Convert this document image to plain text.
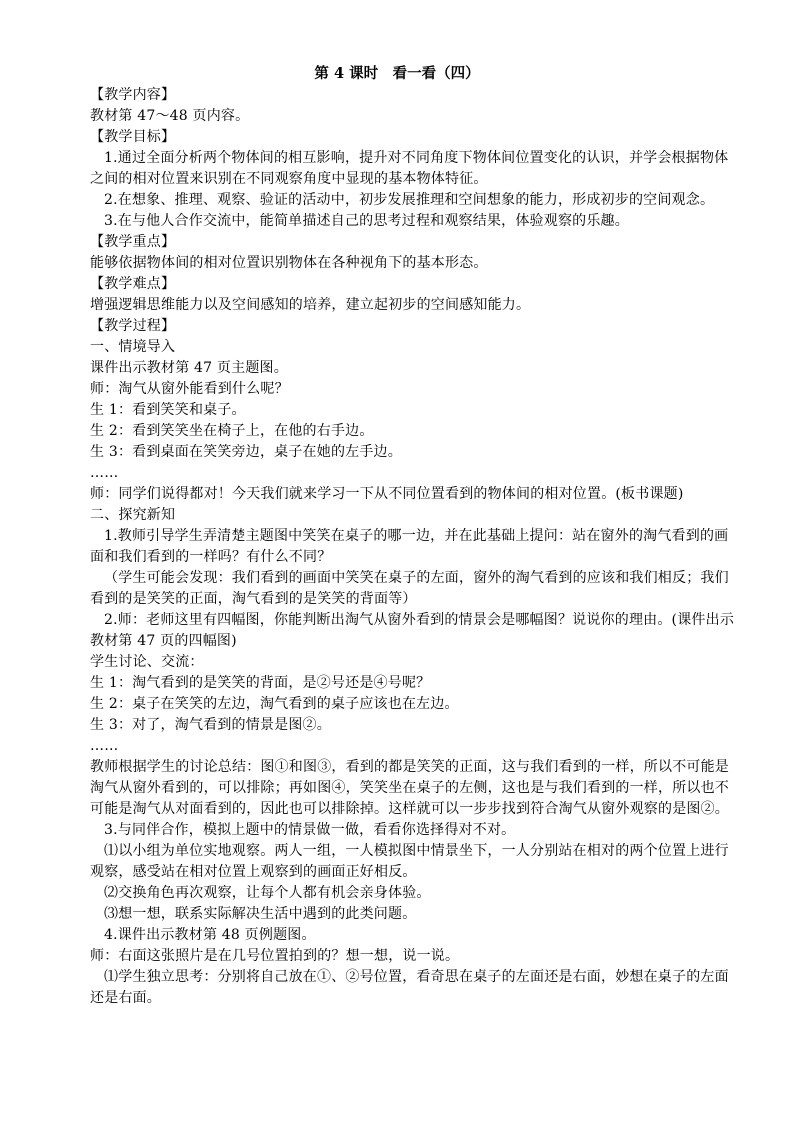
第 4 课时　看一看（四）

【教学内容】

教材第 47～48 页内容。

【教学目标】

1.通过全面分析两个物体间的相互影响，提升对不同角度下物体间位置变化的认识，并学会根据物体之间的相对位置来识别在不同观察角度中显现的基本物体特征。

2.在想象、推理、观察、验证的活动中，初步发展推理和空间想象的能力，形成初步的空间观念。

3.在与他人合作交流中，能简单描述自己的思考过程和观察结果，体验观察的乐趣。

【教学重点】

能够依据物体间的相对位置识别物体在各种视角下的基本形态。

【教学难点】

增强逻辑思维能力以及空间感知的培养，建立起初步的空间感知能力。

【教学过程】

一、情境导入

课件出示教材第 47 页主题图。

师：淘气从窗外能看到什么呢？

生 1：看到笑笑和桌子。

生 2：看到笑笑坐在椅子上，在他的右手边。

生 3：看到桌面在笑笑旁边，桌子在她的左手边。

……

师：同学们说得都对！今天我们就来学习一下从不同位置看到的物体间的相对位置。(板书课题)

二、探究新知

1.教师引导学生弄清楚主题图中笑笑在桌子的哪一边，并在此基础上提问：站在窗外的淘气看到的画面和我们看到的一样吗？有什么不同？

（学生可能会发现：我们看到的画面中笑笑在桌子的左面，窗外的淘气看到的应该和我们相反；我们看到的是笑笑的正面，淘气看到的是笑笑的背面等）

2.师：老师这里有四幅图，你能判断出淘气从窗外看到的情景会是哪幅图？说说你的理由。(课件出示教材第 47 页的四幅图)

学生讨论、交流：

生 1：淘气看到的是笑笑的背面，是②号还是④号呢？

生 2：桌子在笑笑的左边，淘气看到的桌子应该也在左边。

生 3：对了，淘气看到的情景是图②。

……

教师根据学生的讨论总结：图①和图③，看到的都是笑笑的正面，这与我们看到的一样，所以不可能是淘气从窗外看到的，可以排除；再如图④，笑笑坐在桌子的左侧，这也是与我们看到的一样，所以也不可能是淘气从对面看到的，因此也可以排除掉。这样就可以一步步找到符合淘气从窗外观察的是图②。

3.与同伴合作，模拟上题中的情景做一做，看看你选择得对不对。

⑴以小组为单位实地观察。两人一组，一人模拟图中情景坐下，一人分别站在相对的两个位置上进行观察，感受站在相对位置上观察到的画面正好相反。

⑵交换角色再次观察，让每个人都有机会亲身体验。

⑶想一想，联系实际解决生活中遇到的此类问题。

4.课件出示教材第 48 页例题图。

师：右面这张照片是在几号位置拍到的？想一想，说一说。

⑴学生独立思考：分别将自己放在①、②号位置，看奇思在桌子的左面还是右面，妙想在桌子的左面还是右面。
